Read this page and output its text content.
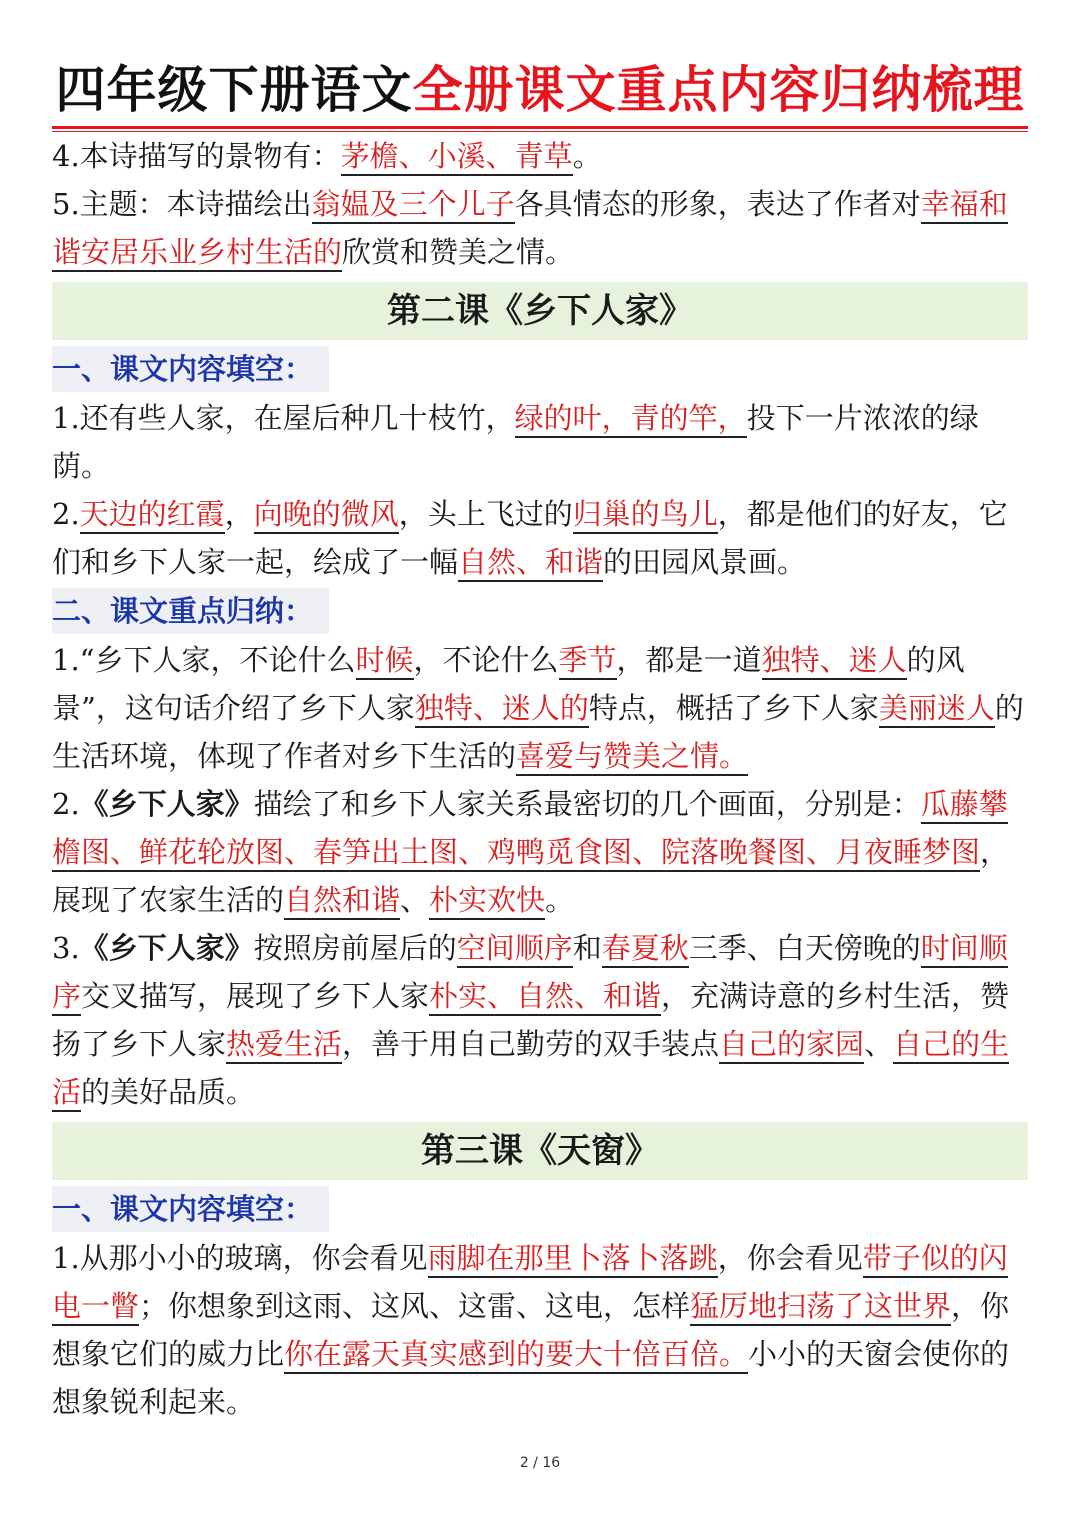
四年级下册语文全册课文重点内容归纳梳理

4.本诗描写的景物有：茅檐、小溪、青草。

5.主题：本诗描绘出翁媪及三个儿子各具情态的形象，表达了作者对幸福和谐安居乐业乡村生活的欣赏和赞美之情。

第二课《乡下人家》
一、课文内容填空：

1.还有些人家，在屋后种几十枝竹，绿的叶，青的竿，投下一片浓浓的绿荫。

2.天边的红霞，向晚的微风，头上飞过的归巢的鸟儿，都是他们的好友，它们和乡下人家一起，绘成了一幅自然、和谐的田园风景画。

二、课文重点归纳：

1.“乡下人家，不论什么时候，不论什么季节，都是一道独特、迷人的风景”，这句话介绍了乡下人家独特、迷人的特点，概括了乡下人家美丽迷人的生活环境，体现了作者对乡下生活的喜爱与赞美之情。

2.《乡下人家》描绘了和乡下人家关系最密切的几个画面，分别是：瓜藤攀檐图、鲜花轮放图、春笋出土图、鸡鸭觅食图、院落晚餐图、月夜睡梦图，展现了农家生活的自然和谐、朴实欢快。

3.《乡下人家》按照房前屋后的空间顺序和春夏秋三季、白天傍晚的时间顺序交叉描写，展现了乡下人家朴实、自然、和谐，充满诗意的乡村生活，赞扬了乡下人家热爱生活，善于用自己勤劳的双手装点自己的家园、自己的生活的美好品质。

第三课《天窗》
一、课文内容填空：

1.从那小小的玻璃，你会看见雨脚在那里卜落卜落跳，你会看见带子似的闪电一瞥；你想象到这雨、这风、这雷、这电，怎样猛厉地扫荡了这世界，你想象它们的威力比你在露天真实感到的要大十倍百倍。小小的天窗会使你的想象锐利起来。

2 / 16
